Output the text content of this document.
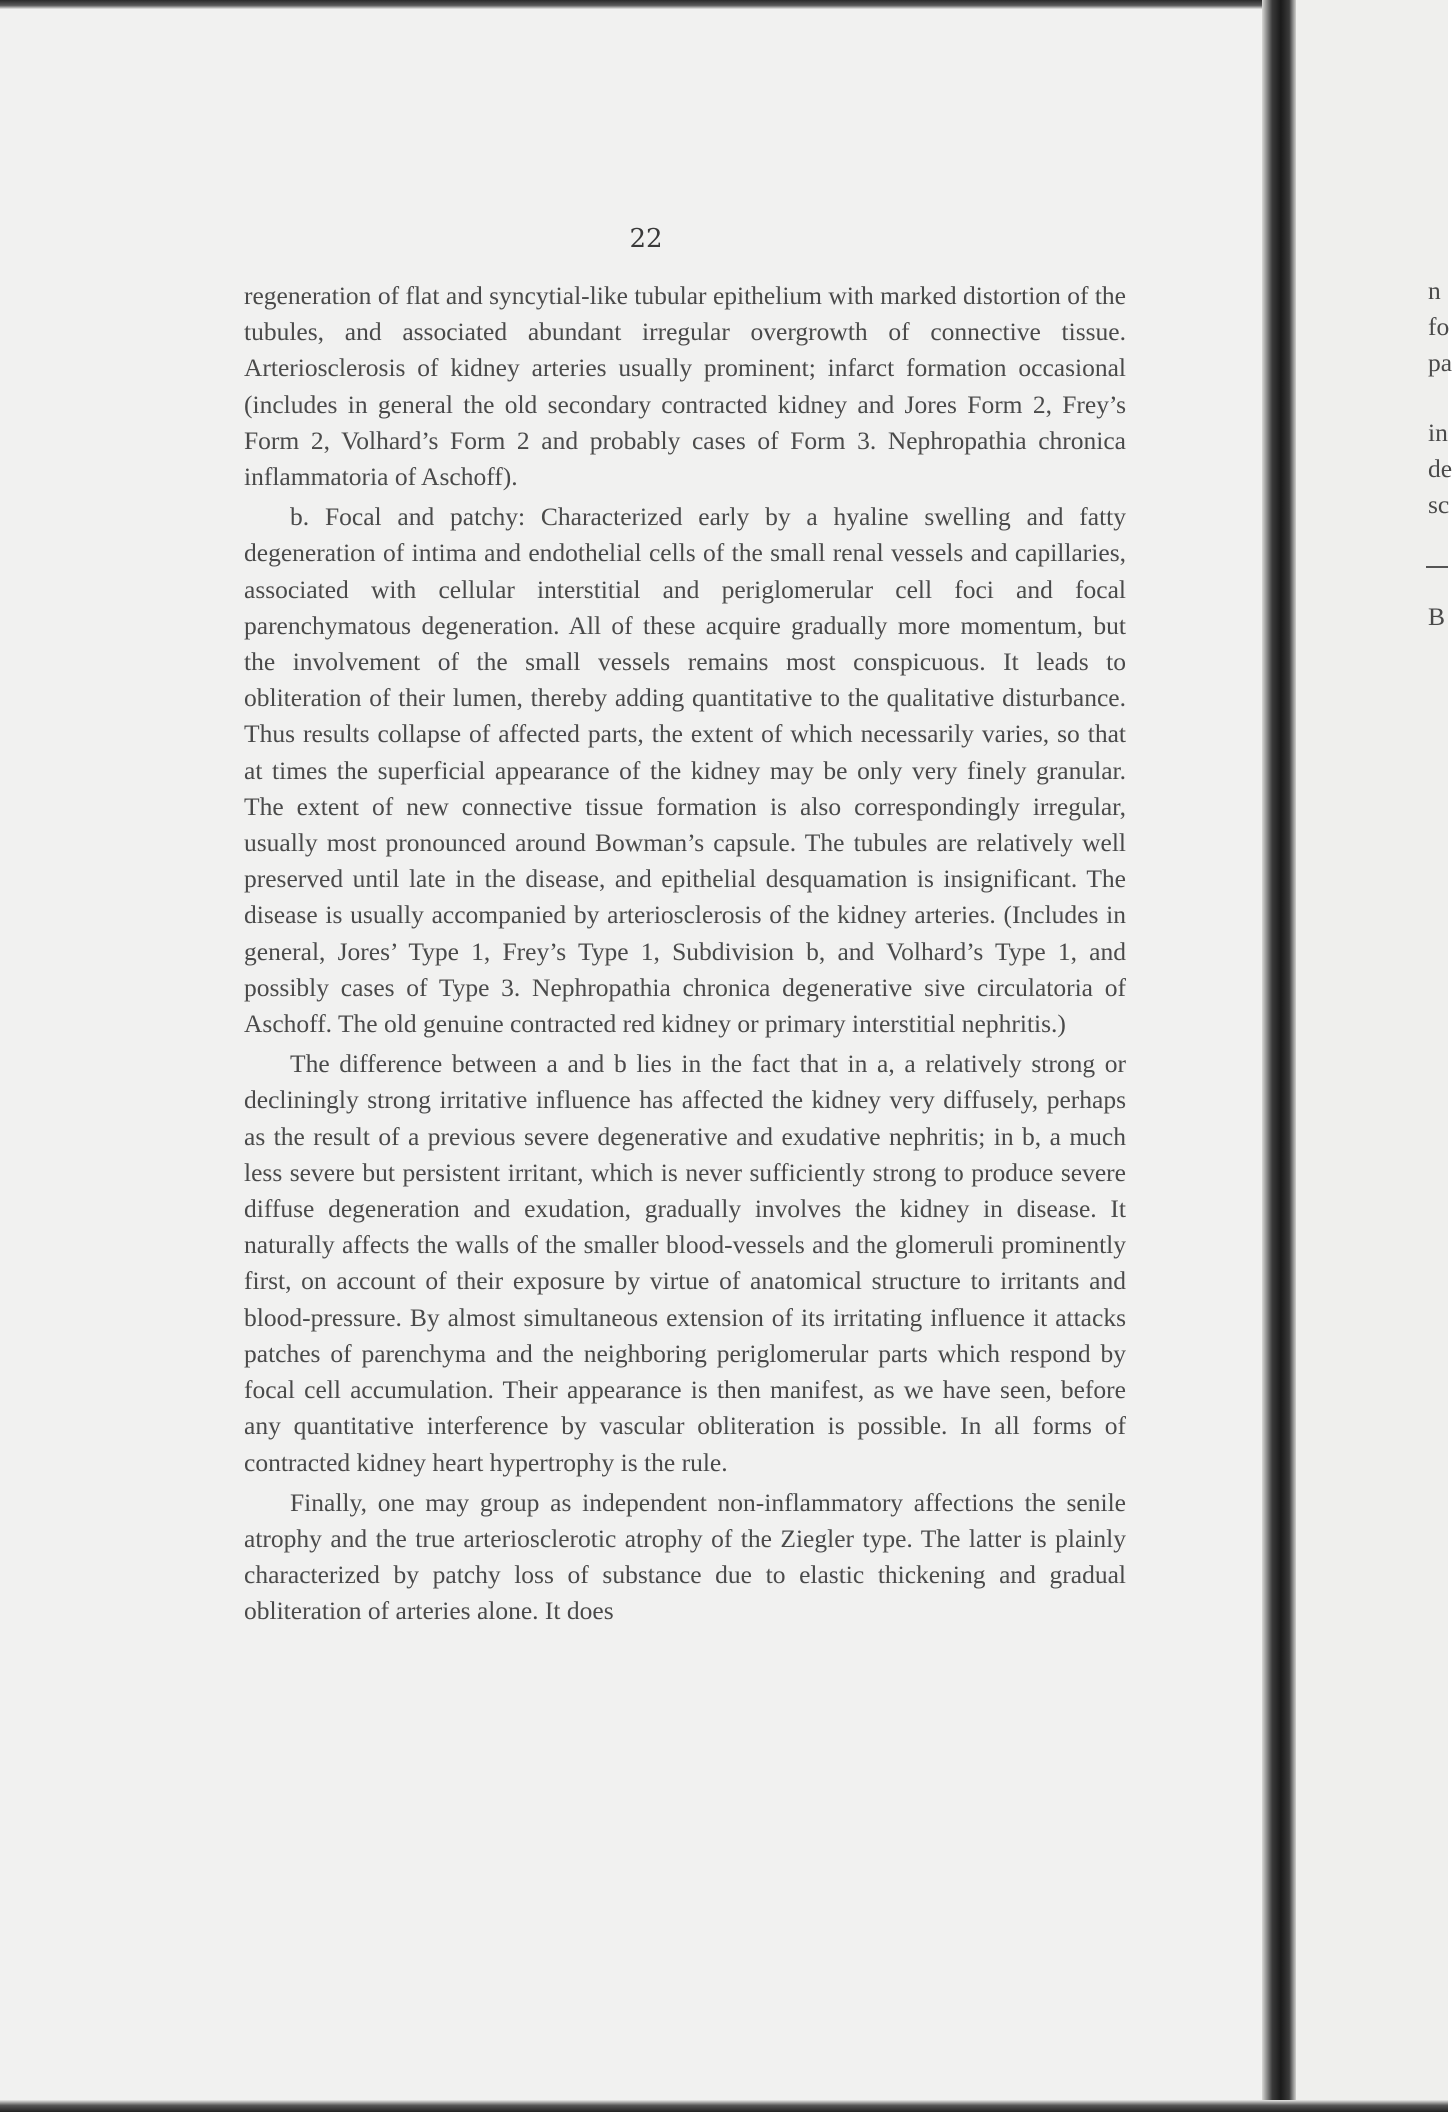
22

regeneration of flat and syncytial-like tubular epithelium with marked distortion of the tubules, and associated abundant irregular overgrowth of connective tissue. Arteriosclerosis of kidney arteries usually prominent; infarct formation occasional (includes in general the old secondary contracted kidney and Jores Form 2, Frey’s Form 2, Volhard’s Form 2 and probably cases of Form 3. Nephropathia chronica inflammatoria of Aschoff).

b. Focal and patchy: Characterized early by a hyaline swelling and fatty degeneration of intima and endothelial cells of the small renal vessels and capillaries, associated with cellular interstitial and periglomerular cell foci and focal parenchymatous degeneration. All of these acquire gradually more momentum, but the involvement of the small vessels remains most conspicuous. It leads to obliteration of their lumen, thereby adding quantitative to the qualitative disturbance. Thus results collapse of affected parts, the extent of which necessarily varies, so that at times the superficial appearance of the kidney may be only very finely granular. The extent of new connective tissue formation is also correspondingly irregular, usually most pronounced around Bowman’s capsule. The tubules are relatively well preserved until late in the disease, and epithelial desquamation is insignificant. The disease is usually accompanied by arteriosclerosis of the kidney arteries. (Includes in general, Jores’ Type 1, Frey’s Type 1, Subdivision b, and Volhard’s Type 1, and possibly cases of Type 3. Nephropathia chronica degenerative sive circulatoria of Aschoff. The old genuine contracted red kidney or primary interstitial nephritis.)

The difference between a and b lies in the fact that in a, a relatively strong or decliningly strong irritative influence has affected the kidney very diffusely, perhaps as the result of a previous severe degenerative and exudative nephritis; in b, a much less severe but persistent irritant, which is never sufficiently strong to produce severe diffuse degeneration and exudation, gradually involves the kidney in disease. It naturally affects the walls of the smaller blood-vessels and the glomeruli prominently first, on account of their exposure by virtue of anatomical structure to irritants and blood-pressure. By almost simultaneous extension of its irritating influence it attacks patches of parenchyma and the neighboring periglomerular parts which respond by focal cell accumulation. Their appearance is then manifest, as we have seen, before any quantitative interference by vascular obliteration is possible. In all forms of contracted kidney heart hypertrophy is the rule.

Finally, one may group as independent non-inflammatory affections the senile atrophy and the true arteriosclerotic atrophy of the Ziegler type. The latter is plainly characterized by patchy loss of substance due to elastic thickening and gradual obliteration of arteries alone. It does

n
fo
pa
in
de
sc
B
